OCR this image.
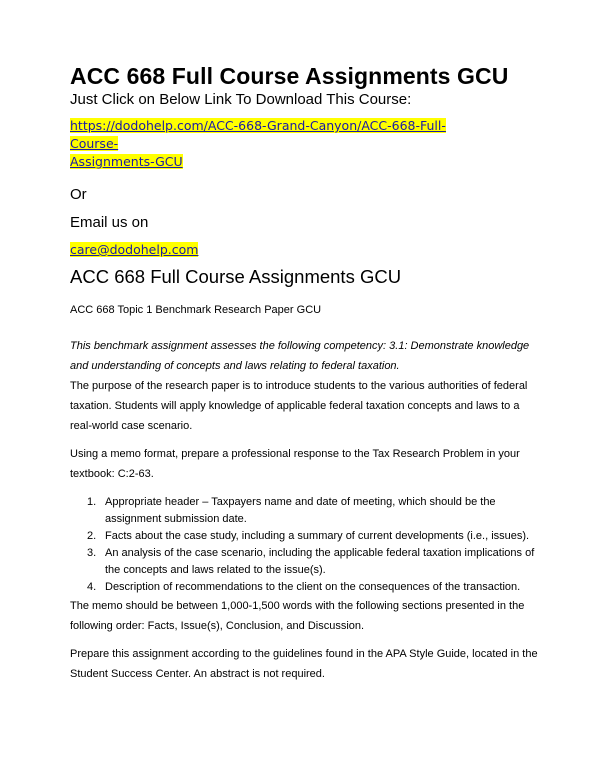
ACC 668 Full Course Assignments GCU

Just Click on Below Link To Download This Course:

https://dodohelp.com/ACC-668-Grand-Canyon/ACC-668-Full-Course-
Assignments-GCU

Or

Email us on

care@dodohelp.com
ACC 668 Full Course Assignments GCU

ACC 668 Topic 1 Benchmark Research Paper GCU

This benchmark assignment assesses the following competency: 3.1: Demonstrate knowledge and understanding of concepts and laws relating to federal taxation.

The purpose of the research paper is to introduce students to the various authorities of federal taxation. Students will apply knowledge of applicable federal taxation concepts and laws to a real-world case scenario.

Using a memo format, prepare a professional response to the Tax Research Problem in your textbook: C:2-63.

1. Appropriate header – Taxpayers name and date of meeting, which should be the assignment submission date.
2. Facts about the case study, including a summary of current developments (i.e., issues).
3. An analysis of the case scenario, including the applicable federal taxation implications of the concepts and laws related to the issue(s).
4. Description of recommendations to the client on the consequences of the transaction.

The memo should be between 1,000-1,500 words with the following sections presented in the following order: Facts, Issue(s), Conclusion, and Discussion.

Prepare this assignment according to the guidelines found in the APA Style Guide, located in the Student Success Center. An abstract is not required.
